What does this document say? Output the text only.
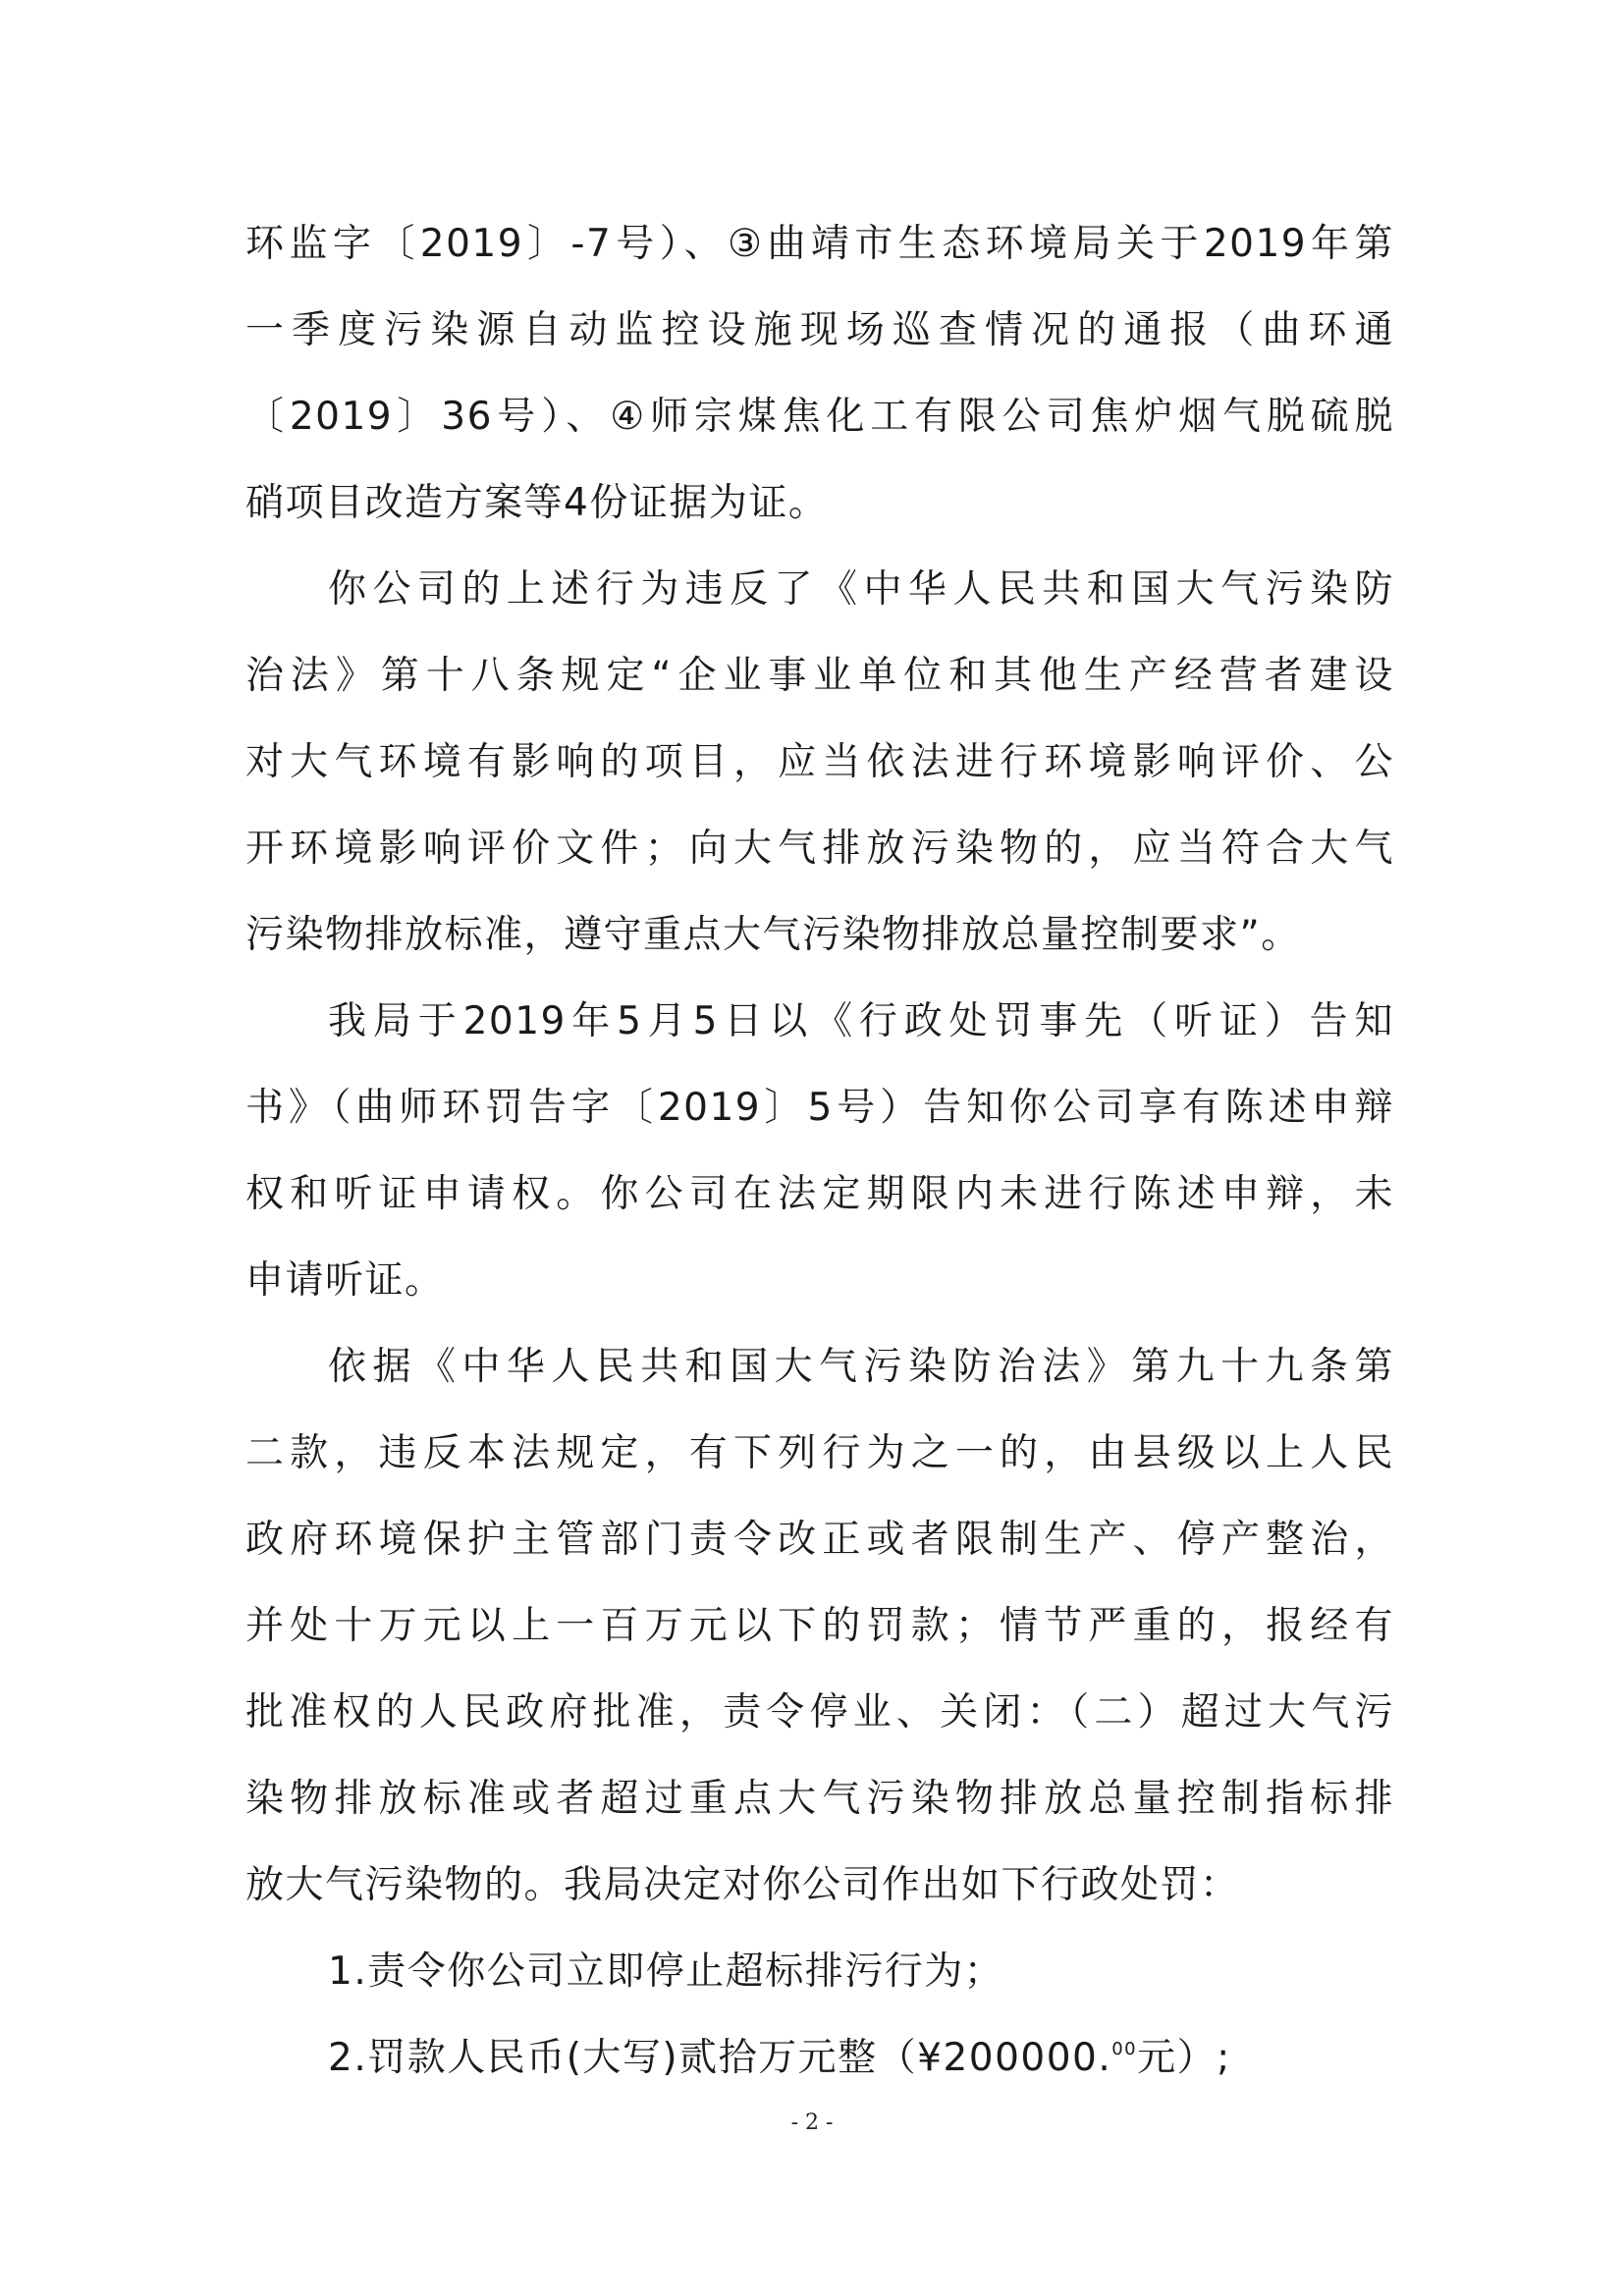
环监字〔2019〕-7号）、③曲靖市生态环境局关于2019年第
一季度污染源自动监控设施现场巡查情况的通报（曲环通
〔2019〕36号）、④师宗煤焦化工有限公司焦炉烟气脱硫脱
硝项目改造方案等4份证据为证。
你公司的上述行为违反了《中华人民共和国大气污染防
治法》第十八条规定“企业事业单位和其他生产经营者建设
对大气环境有影响的项目，应当依法进行环境影响评价、公
开环境影响评价文件；向大气排放污染物的，应当符合大气
污染物排放标准，遵守重点大气污染物排放总量控制要求”。
我局于2019年5月5日以《行政处罚事先（听证）告知
书》（曲师环罚告字〔2019〕5号）告知你公司享有陈述申辩
权和听证申请权。你公司在法定期限内未进行陈述申辩，未
申请听证。
依据《中华人民共和国大气污染防治法》第九十九条第
二款，违反本法规定，有下列行为之一的，由县级以上人民
政府环境保护主管部门责令改正或者限制生产、停产整治，
并处十万元以上一百万元以下的罚款；情节严重的，报经有
批准权的人民政府批准，责令停业、关闭：（二）超过大气污
染物排放标准或者超过重点大气污染物排放总量控制指标排
放大气污染物的。我局决定对你公司作出如下行政处罚：
1.责令你公司立即停止超标排污行为；
2.罚款人民币(大写)贰拾万元整（¥200000.00元）;
- 2 -
